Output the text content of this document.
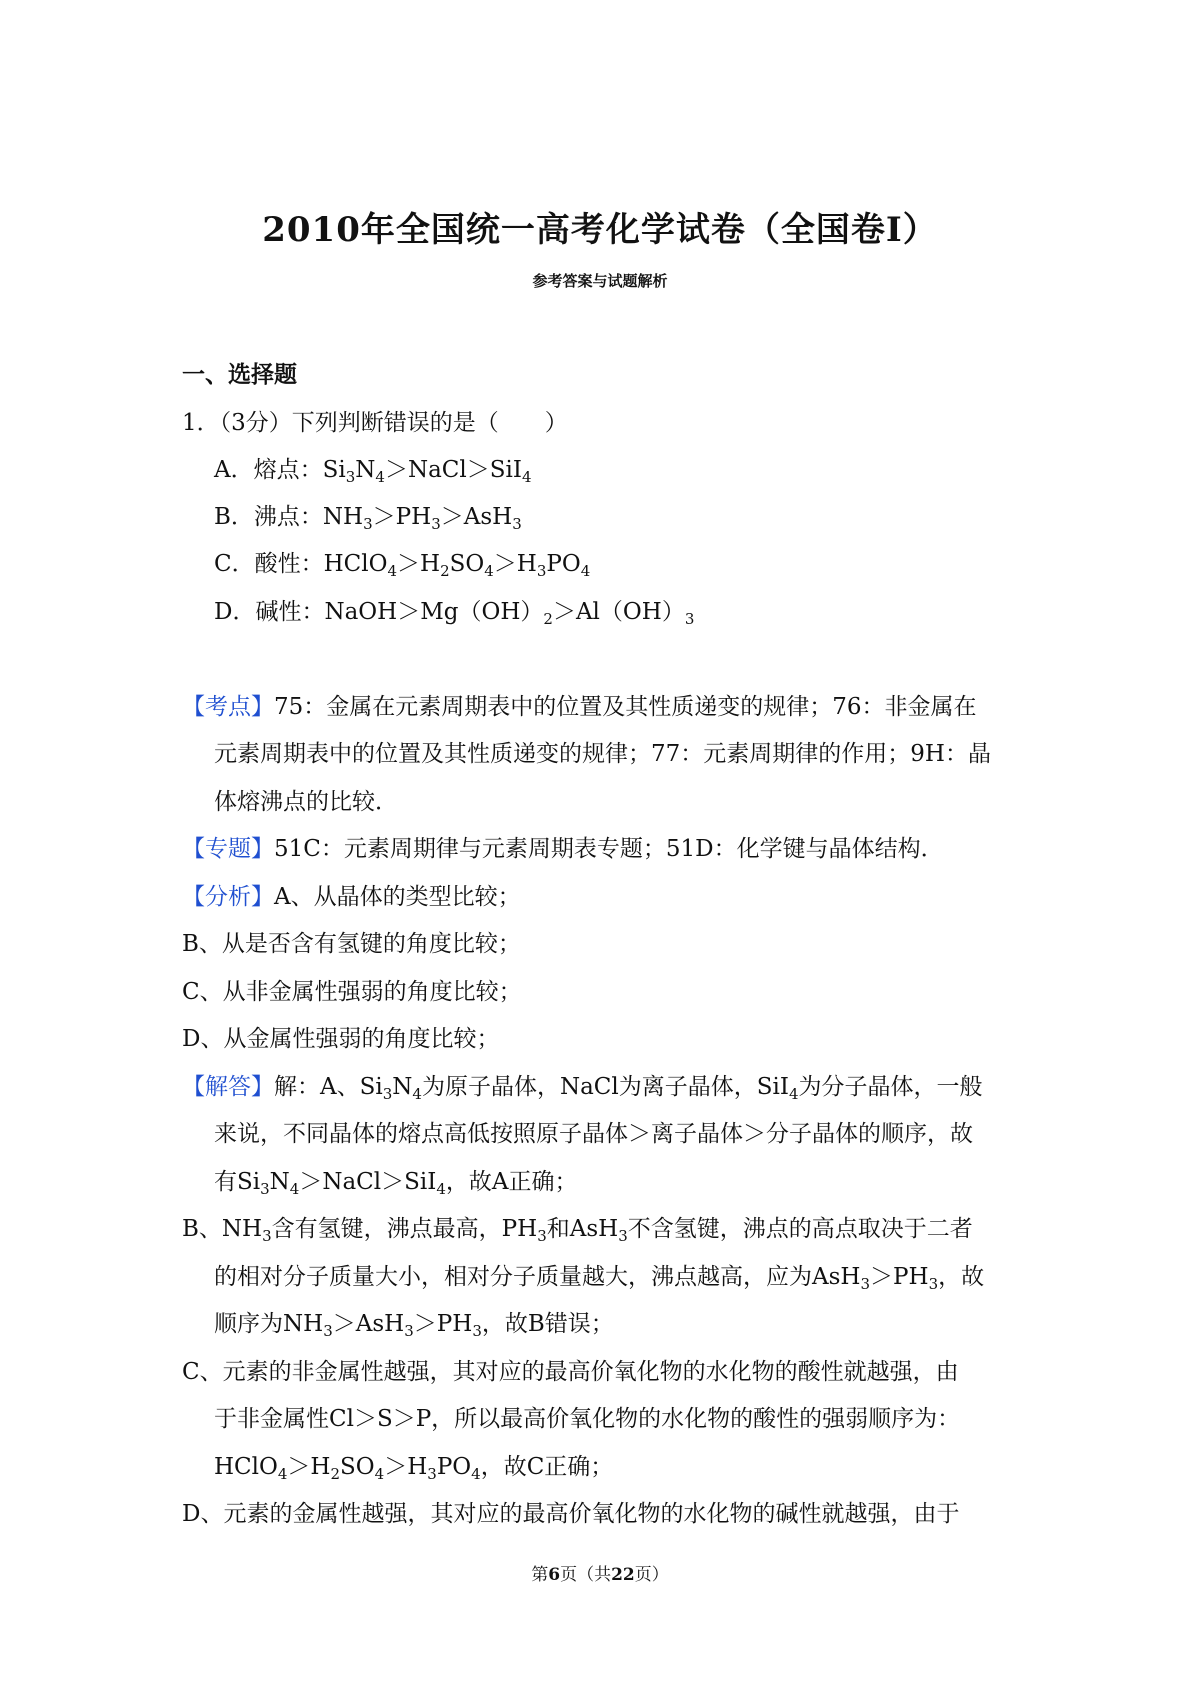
2010年全国统一高考化学试卷（全国卷I）
参考答案与试题解析
一、选择题
1．（3分）下列判断错误的是（　　）
A．熔点：$Si_3N_4>NaCl>SiI_4$
B．沸点：$NH_3>PH_3>AsH_3$
C．酸性：$HClO_4>H_2SO_4>H_3PO_4$
D．碱性：$NaOH>Mg(OH)_2>Al(OH)_3$
【考点】75：金属在元素周期表中的位置及其性质递变的规律；76：非金属在
元素周期表中的位置及其性质递变的规律；77：元素周期律的作用；9H：晶
体熔沸点的比较．
【专题】51C：元素周期律与元素周期表专题；51D：化学键与晶体结构．
【分析】A、从晶体的类型比较；
B、从是否含有氢键的角度比较；
C、从非金属性强弱的角度比较；
D、从金属性强弱的角度比较；
【解答】解：A、$Si_3N_4$为原子晶体，NaCl为离子晶体，SiI$_4$为分子晶体，一般
来说，不同晶体的熔点高低按照原子晶体＞离子晶体＞分子晶体的顺序，故
有$Si_3N_4>NaCl>SiI_4$，故A正确；
B、$NH_3$含有氢键，沸点最高，$PH_3$和AsH$_3$不含氢键，沸点的高点取决于二者
的相对分子质量大小，相对分子质量越大，沸点越高，应为$AsH_3>PH_3$，故
顺序为$NH_3>AsH_3>PH_3$，故B错误；
C、元素的非金属性越强，其对应的最高价氧化物的水化物的酸性就越强，由
于非金属性Cl＞S＞P，所以最高价氧化物的水化物的酸性的强弱顺序为：
$HClO_4>H_2SO_4>H_3PO_4$，故C正确；
D、元素的金属性越强，其对应的最高价氧化物的水化物的碱性就越强，由于
第6页（共22页）
